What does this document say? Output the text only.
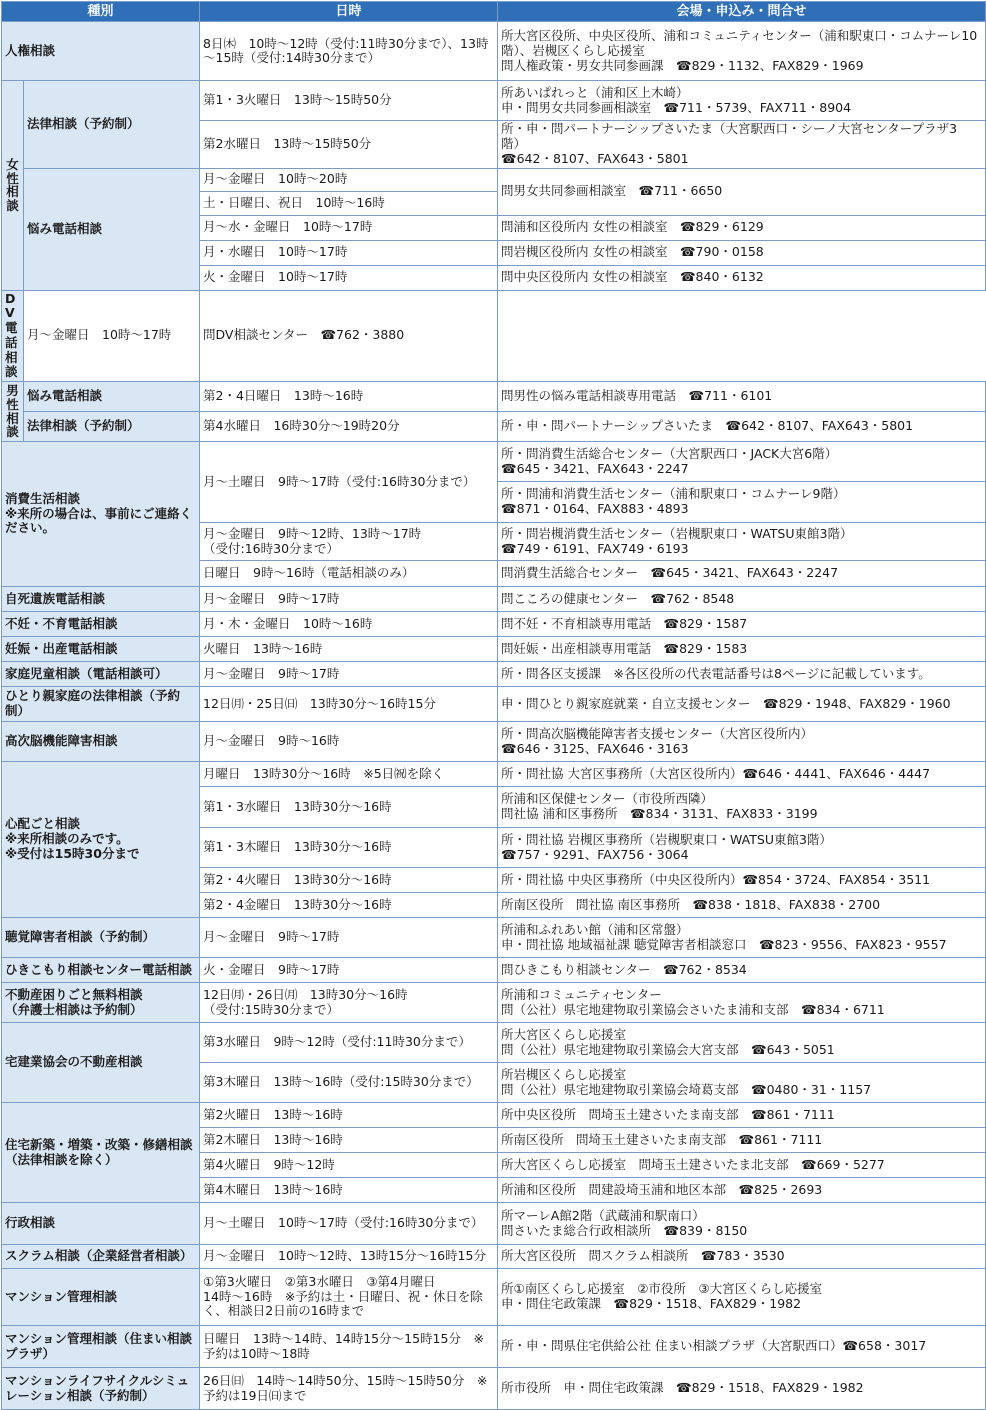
種別		日時	会場・申込み・問合せ
人権相談		8日㈭　10時～12時（受付:11時30分まで）、13時～15時（受付:14時30分まで）	所大宮区役所、中央区役所、浦和コミュニティセンター（浦和駅東口・コムナーレ10階）、岩槻区くらし応援室
問人権政策・男女共同参画課　☎829・1132、FAX829・1969
女性相談	法律相談（予約制）	第1・3火曜日　13時～15時50分	所あいぱれっと（浦和区上木崎）
申・問男女共同参画相談室　☎711・5739、FAX711・8904
		第2水曜日　13時～15時50分	所・申・問パートナーシップさいたま（大宮駅西口・シーノ大宮センタープラザ3階）
☎642・8107、FAX643・5801
	悩み電話相談	月～金曜日　10時～20時	問男女共同参画相談室　☎711・6650
		土・日曜日、祝日　10時～16時	
		月～水・金曜日　10時～17時	問浦和区役所内 女性の相談室　☎829・6129
		月・水曜日　10時～17時	問岩槻区役所内 女性の相談室　☎790・0158
		火・金曜日　10時～17時	問中央区役所内 女性の相談室　☎840・6132
DV電話相談	月～金曜日　10時～17時	問DV相談センター　☎762・3880	
男性相談	悩み電話相談	第2・4日曜日　13時～16時	問男性の悩み電話相談専用電話　☎711・6101
	法律相談（予約制）	第4水曜日　16時30分～19時20分	所・申・問パートナーシップさいたま　☎642・8107、FAX643・5801
消費生活相談
※来所の場合は、事前にご連絡ください。		月～土曜日　9時～17時（受付:16時30分まで）	所・問消費生活総合センター（大宮駅西口・JACK大宮6階）
☎645・3421、FAX643・2247
			所・問浦和消費生活センター（浦和駅東口・コムナーレ9階）
☎871・0164、FAX883・4893
		月～金曜日　9時～12時、13時～17時
（受付:16時30分まで）	所・問岩槻消費生活センター（岩槻駅東口・WATSU東館3階）
☎749・6191、FAX749・6193
		日曜日　9時～16時（電話相談のみ）	問消費生活総合センター　☎645・3421、FAX643・2247
自死遺族電話相談		月～金曜日　9時～17時	問こころの健康センター　☎762・8548
不妊・不育電話相談		月・木・金曜日　10時～16時	問不妊・不育相談専用電話　☎829・1587
妊娠・出産電話相談		火曜日　13時～16時	問妊娠・出産相談専用電話　☎829・1583
家庭児童相談（電話相談可）		月～金曜日　9時～17時	所・問各区支援課　※各区役所の代表電話番号は8ページに記載しています。
ひとり親家庭の法律相談（予約制）		12日㈪・25日㈰　13時30分～16時15分	申・問ひとり親家庭就業・自立支援センター　☎829・1948、FAX829・1960
高次脳機能障害相談		月～金曜日　9時～16時	所・問高次脳機能障害者支援センター（大宮区役所内）
☎646・3125、FAX646・3163
心配ごと相談
※来所相談のみです。
※受付は15時30分まで		月曜日　13時30分～16時　※5日㈷を除く	所・問社協 大宮区事務所（大宮区役所内）☎646・4441、FAX646・4447
		第1・3水曜日　13時30分～16時	所浦和区保健センター（市役所西隣）
問社協 浦和区事務所　☎834・3131、FAX833・3199
		第1・3木曜日　13時30分～16時	所・問社協 岩槻区事務所（岩槻駅東口・WATSU東館3階）
☎757・9291、FAX756・3064
		第2・4火曜日　13時30分～16時	所・問社協 中央区事務所（中央区役所内）☎854・3724、FAX854・3511
		第2・4金曜日　13時30分～16時	所南区役所　問社協 南区事務所　☎838・1818、FAX838・2700
聴覚障害者相談（予約制）		月～金曜日　9時～17時	所浦和ふれあい館（浦和区常盤）
申・問社協 地域福祉課 聴覚障害者相談窓口　☎823・9556、FAX823・9557
ひきこもり相談センター電話相談		火・金曜日　9時～17時	問ひきこもり相談センター　☎762・8534
不動産困りごと無料相談
（弁護士相談は予約制）		12日㈪・26日㈪　13時30分～16時
（受付:15時30分まで）	所浦和コミュニティセンター
問（公社）県宅地建物取引業協会さいたま浦和支部　☎834・6711
宅建業協会の不動産相談		第3水曜日　9時～12時（受付:11時30分まで）	所大宮区くらし応援室
問（公社）県宅地建物取引業協会大宮支部　☎643・5051
		第3木曜日　13時～16時（受付:15時30分まで）	所岩槻区くらし応援室
問（公社）県宅地建物取引業協会埼葛支部　☎0480・31・1157
住宅新築・増築・改築・修繕相談
（法律相談を除く）		第2火曜日　13時～16時	所中央区役所　問埼玉土建さいたま南支部　☎861・7111
		第2木曜日　13時～16時	所南区役所　問埼玉土建さいたま南支部　☎861・7111
		第4火曜日　9時～12時	所大宮区くらし応援室　問埼玉土建さいたま北支部　☎669・5277
		第4木曜日　13時～16時	所浦和区役所　問建設埼玉浦和地区本部　☎825・2693
行政相談		月～土曜日　10時～17時（受付:16時30分まで）	所マーレA館2階（武蔵浦和駅南口）
問さいたま総合行政相談所　☎839・8150
スクラム相談（企業経営者相談）		月～金曜日　10時～12時、13時15分～16時15分	所大宮区役所　問スクラム相談所　☎783・3530
マンション管理相談		①第3火曜日　②第3水曜日　③第4月曜日
14時～16時　※予約は土・日曜日、祝・休日を除く、相談日2日前の16時まで	所①南区くらし応援室　②市役所　③大宮区くらし応援室
申・問住宅政策課　☎829・1518、FAX829・1982
マンション管理相談（住まい相談プラザ）		日曜日　13時～14時、14時15分～15時15分　※予約は10時～18時	所・申・問県住宅供給公社 住まい相談プラザ（大宮駅西口）☎658・3017
マンションライフサイクルシミュレーション相談（予約制）		26日㈰　14時～14時50分、15時～15時50分　※予約は19日㈰まで	所市役所　申・問住宅政策課　☎829・1518、FAX829・1982
